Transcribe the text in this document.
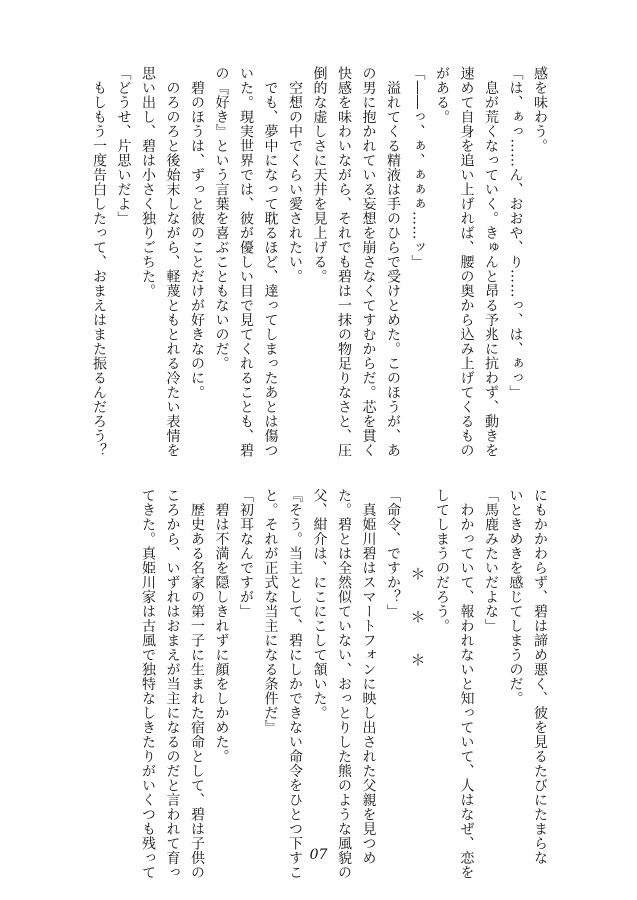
感を味わう。
「は、ぁっ……ん、おおや、り……っ、は、ぁっ」
　息が荒くなっていく。きゅんと昂る予兆に抗わず、動きを
速めて自身を追い上げれば、腰の奥から込み上げてくるもの
がある。
「――っ、ぁ、ぁぁぁ……ッ」
　溢れてくる精液は手のひらで受けとめた。このほうが、あ
の男に抱かれている妄想を崩さなくてすむからだ。芯を貫く
快感を味わいながら、それでも碧は一抹の物足りなさと、圧
倒的な虚しさに天井を見上げる。
　空想の中でくらい愛されたい。
　でも、夢中になって耽るほど、達ってしまったあとは傷つ
いた。現実世界では、彼が優しい目で見てくれることも、碧
の『好き』という言葉を喜ぶこともないのだ。
　碧のほうは、ずっと彼のことだけが好きなのに。
　のろのろと後始末しながら、軽蔑ともとれる冷たい表情を
思い出し、碧は小さく独りごちた。
「どうせ、片思いだよ」
　もしもう一度告白したって、おまえはまた振るんだろう？
にもかかわらず、碧は諦め悪く、彼を見るたびにたまらな
いときめきを感じてしまうのだ。
「馬鹿みたいだよな」
　わかっていて、報われないと知っていて、人はなぜ、恋を
してしまうのだろう。
＊＊＊
「命令、ですか？」
　真姫川碧はスマートフォンに映し出された父親を見つめ
た。碧とは全然似ていない、おっとりした熊のような風貌の
父、紺介は、にこにこして頷いた。
『そう。当主として、碧にしかできない命令をひとつ下すこ
と。それが正式な当主になる条件だ』
「初耳なんですが」
　碧は不満を隠しきれずに顔をしかめた。
　歴史ある名家の第一子に生まれた宿命として、碧は子供の
ころから、いずれはおまえが当主になるのだと言われて育っ
てきた。真姫川家は古風で独特なしきたりがいくつも残って	07
